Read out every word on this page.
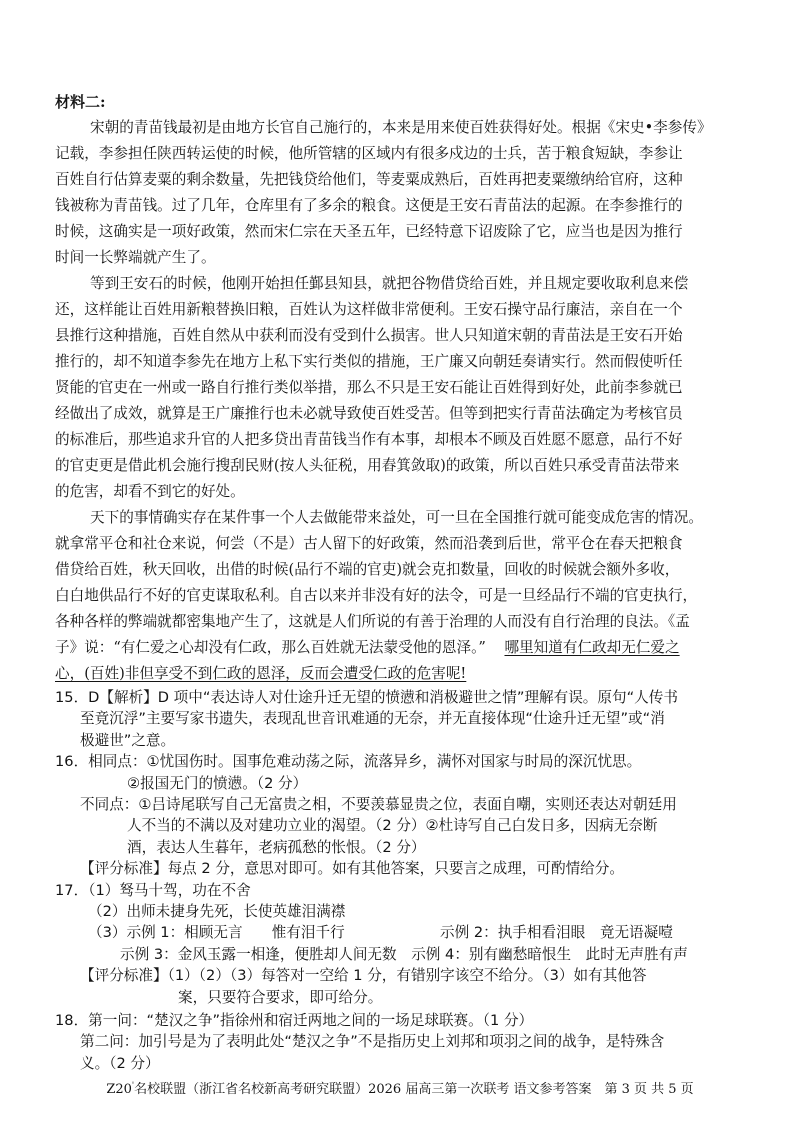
材料二:
宋朝的青苗钱最初是由地方长官自己施行的，本来是用来使百姓获得好处。根据《宋史•李参传》
记载，李参担任陕西转运使的时候，他所管辖的区域内有很多戍边的士兵，苦于粮食短缺，李参让
百姓自行估算麦粟的剩余数量，先把钱贷给他们，等麦粟成熟后，百姓再把麦粟缴纳给官府，这种
钱被称为青苗钱。过了几年，仓库里有了多余的粮食。这便是王安石青苗法的起源。在李参推行的
时候，这确实是一项好政策，然而宋仁宗在天圣五年，已经特意下诏废除了它，应当也是因为推行
时间一长弊端就产生了。
等到王安石的时候，他刚开始担任鄞县知县，就把谷物借贷给百姓，并且规定要收取利息来偿
还，这样能让百姓用新粮替换旧粮，百姓认为这样做非常便利。王安石操守品行廉洁，亲自在一个
县推行这种措施，百姓自然从中获利而没有受到什么损害。世人只知道宋朝的青苗法是王安石开始
推行的，却不知道李参先在地方上私下实行类似的措施，王广廉又向朝廷奏请实行。然而假使听任
贤能的官吏在一州或一路自行推行类似举措，那么不只是王安石能让百姓得到好处，此前李参就已
经做出了成效，就算是王广廉推行也未必就导致使百姓受苦。但等到把实行青苗法确定为考核官员
的标准后，那些追求升官的人把多贷出青苗钱当作有本事，却根本不顾及百姓愿不愿意，品行不好
的官吏更是借此机会施行搜刮民财(按人头征税，用舂箕敛取)的政策，所以百姓只承受青苗法带来
的危害，却看不到它的好处。
天下的事情确实存在某件事一个人去做能带来益处，可一旦在全国推行就可能变成危害的情况。
就拿常平仓和社仓来说，何尝（不是）古人留下的好政策，然而沿袭到后世，常平仓在春天把粮食
借贷给百姓，秋天回收，出借的时候(品行不端的官吏)就会克扣数量，回收的时候就会额外多收，
白白地供品行不好的官吏谋取私利。自古以来并非没有好的法令，可是一旦经品行不端的官吏执行，
各种各样的弊端就都密集地产生了，这就是人们所说的有善于治理的人而没有自行治理的良法。《孟
子》说：“有仁爱之心却没有仁政，那么百姓就无法蒙受他的恩泽。” 哪里知道有仁政却无仁爱之
心，(百姓)非但享受不到仁政的恩泽，反而会遭受仁政的危害呢!
15．D【解析】D 项中“表达诗人对仕途升迁无望的愤懑和消极避世之情”理解有误。原句“人传书
至竟沉浮”主要写家书遗失，表现乱世音讯难通的无奈，并无直接体现“仕途升迁无望”或“消
极避世”之意。
16．相同点：①忧国伤时。国事危难动荡之际，流落异乡，满怀对国家与时局的深沉忧思。
②报国无门的愤懑。（2 分）
不同点：①吕诗尾联写自己无富贵之相，不要羡慕显贵之位，表面自嘲，实则还表达对朝廷用
人不当的不满以及对建功立业的渴望。（2 分）②杜诗写自己白发日多，因病无奈断
酒，表达人生暮年，老病孤愁的怅恨。（2 分）
【评分标准】每点 2 分，意思对即可。如有其他答案，只要言之成理，可酌情给分。
17．（1）驽马十驾，功在不舍
（2）出师未捷身先死，长使英雄泪满襟
（3）示例 1：相顾无言　　惟有泪千行	示例 2：执手相看泪眼　竟无语凝噎
示例 3：金风玉露一相逢，便胜却人间无数　示例 4：别有幽愁暗恨生　此时无声胜有声
【评分标准】（1）（2）（3）每答对一空给 1 分，有错别字该空不给分。（3）如有其他答
案，只要符合要求，即可给分。
Z20'名校联盟（浙江省名校新高考研究联盟）2026 届高三第一次联考 语文参考答案　第 3 页 共 5 页
18．第一问：“楚汉之争”指徐州和宿迁两地之间的一场足球联赛。（1 分）
第二问：加引号是为了表明此处“楚汉之争”不是指历史上刘邦和项羽之间的战争，是特殊含
义。（2 分）
